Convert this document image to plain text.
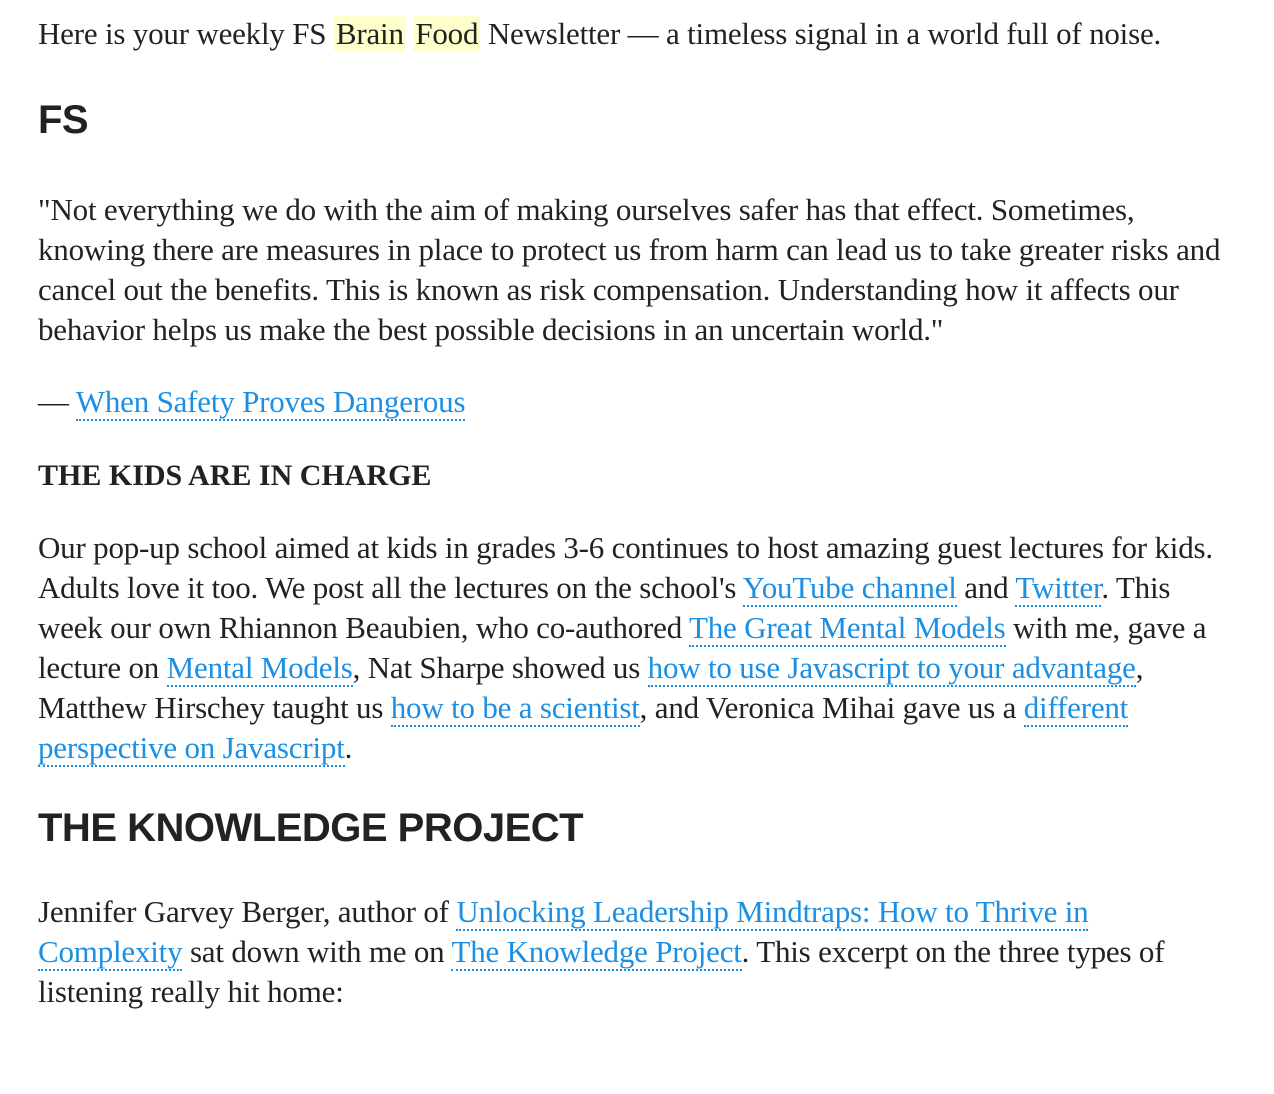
Here is your weekly FS Brain Food Newsletter — a timeless signal in a world full of noise.

FS

"Not everything we do with the aim of making ourselves safer has that effect. Sometimes, knowing there are measures in place to protect us from harm can lead us to take greater risks and cancel out the benefits. This is known as risk compensation. Understanding how it affects our behavior helps us make the best possible decisions in an uncertain world."

— When Safety Proves Dangerous

THE KIDS ARE IN CHARGE

Our pop-up school aimed at kids in grades 3-6 continues to host amazing guest lectures for kids. Adults love it too. We post all the lectures on the school's YouTube channel and Twitter. This week our own Rhiannon Beaubien, who co-authored The Great Mental Models with me, gave a lecture on Mental Models, Nat Sharpe showed us how to use Javascript to your advantage, Matthew Hirschey taught us how to be a scientist, and Veronica Mihai gave us a different perspective on Javascript.

THE KNOWLEDGE PROJECT

Jennifer Garvey Berger, author of Unlocking Leadership Mindtraps: How to Thrive in Complexity sat down with me on The Knowledge Project. This excerpt on the three types of listening really hit home:
